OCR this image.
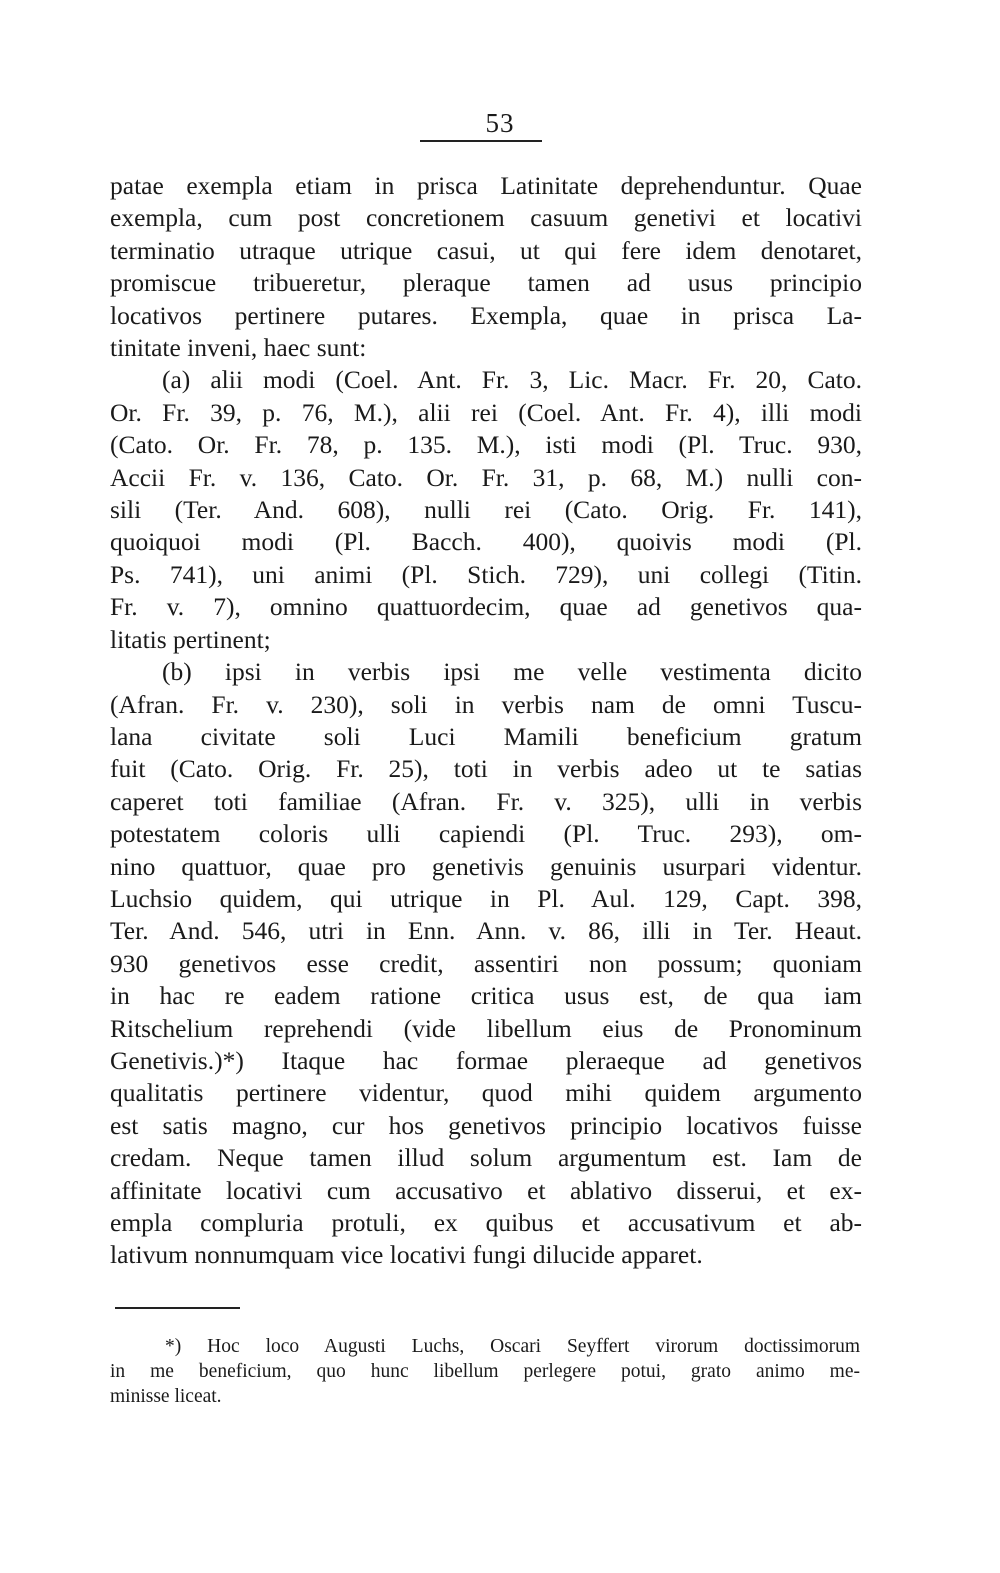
53
patae exempla etiam in prisca Latinitate deprehenduntur. Quae
exempla, cum post concretionem casuum genetivi et locativi
terminatio utraque utrique casui, ut qui fere idem denotaret,
promiscue tribueretur, pleraque tamen ad usus principio
locativos pertinere putares. Exempla, quae in prisca La-
tinitate inveni, haec sunt:
(a) alii modi (Coel. Ant. Fr. 3, Lic. Macr. Fr. 20, Cato.
Or. Fr. 39, p. 76, M.), alii rei (Coel. Ant. Fr. 4), illi modi
(Cato. Or. Fr. 78, p. 135. M.), isti modi (Pl. Truc. 930,
Accii Fr. v. 136, Cato. Or. Fr. 31, p. 68, M.) nulli con-
sili (Ter. And. 608), nulli rei (Cato. Orig. Fr. 141),
quoiquoi modi (Pl. Bacch. 400), quoivis modi (Pl.
Ps. 741), uni animi (Pl. Stich. 729), uni collegi (Titin.
Fr. v. 7), omnino quattuordecim, quae ad genetivos qua-
litatis pertinent;
(b) ipsi in verbis ipsi me velle vestimenta dicito
(Afran. Fr. v. 230), soli in verbis nam de omni Tuscu-
lana civitate soli Luci Mamili beneficium gratum
fuit (Cato. Orig. Fr. 25), toti in verbis adeo ut te satias
caperet toti familiae (Afran. Fr. v. 325), ulli in verbis
potestatem coloris ulli capiendi (Pl. Truc. 293), om-
nino quattuor, quae pro genetivis genuinis usurpari videntur.
Luchsio quidem, qui utrique in Pl. Aul. 129, Capt. 398,
Ter. And. 546, utri in Enn. Ann. v. 86, illi in Ter. Heaut.
930 genetivos esse credit, assentiri non possum; quoniam
in hac re eadem ratione critica usus est, de qua iam
Ritschelium reprehendi (vide libellum eius de Pronominum
Genetivis.)*) Itaque hac formae pleraeque ad genetivos
qualitatis pertinere videntur, quod mihi quidem argumento
est satis magno, cur hos genetivos principio locativos fuisse
credam. Neque tamen illud solum argumentum est. Iam de
affinitate locativi cum accusativo et ablativo disserui, et ex-
empla compluria protuli, ex quibus et accusativum et ab-
lativum nonnumquam vice locativi fungi dilucide apparet.
*) Hoc loco Augusti Luchs, Oscari Seyffert virorum doctissimorum
in me beneficium, quo hunc libellum perlegere potui, grato animo me-
minisse liceat.
